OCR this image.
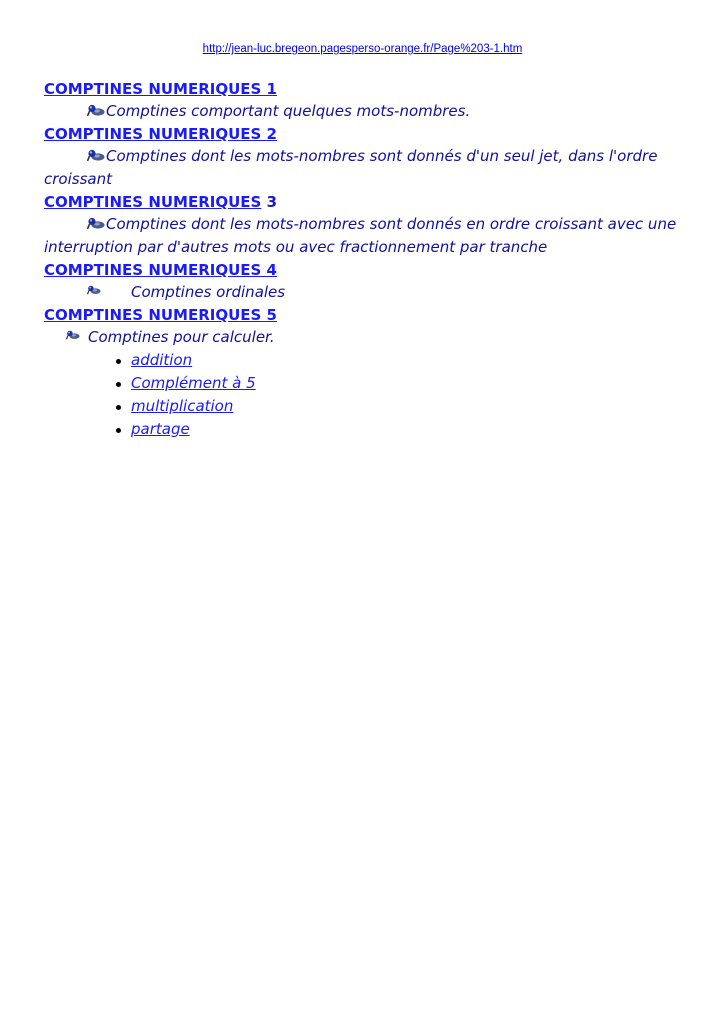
http://jean-luc.bregeon.pagesperso-orange.fr/Page%203-1.htm
COMPTINES NUMERIQUES 1
Comptines comportant quelques mots-nombres.
COMPTINES NUMERIQUES 2
Comptines dont les mots-nombres sont donnés d'un seul jet, dans l'ordre croissant
COMPTINES NUMERIQUES 3
Comptines dont les mots-nombres sont donnés en ordre croissant avec une interruption par d'autres mots ou avec fractionnement par tranche
COMPTINES NUMERIQUES 4
Comptines ordinales
COMPTINES NUMERIQUES 5
Comptines pour calculer.
addition
Complément à 5
multiplication
partage
